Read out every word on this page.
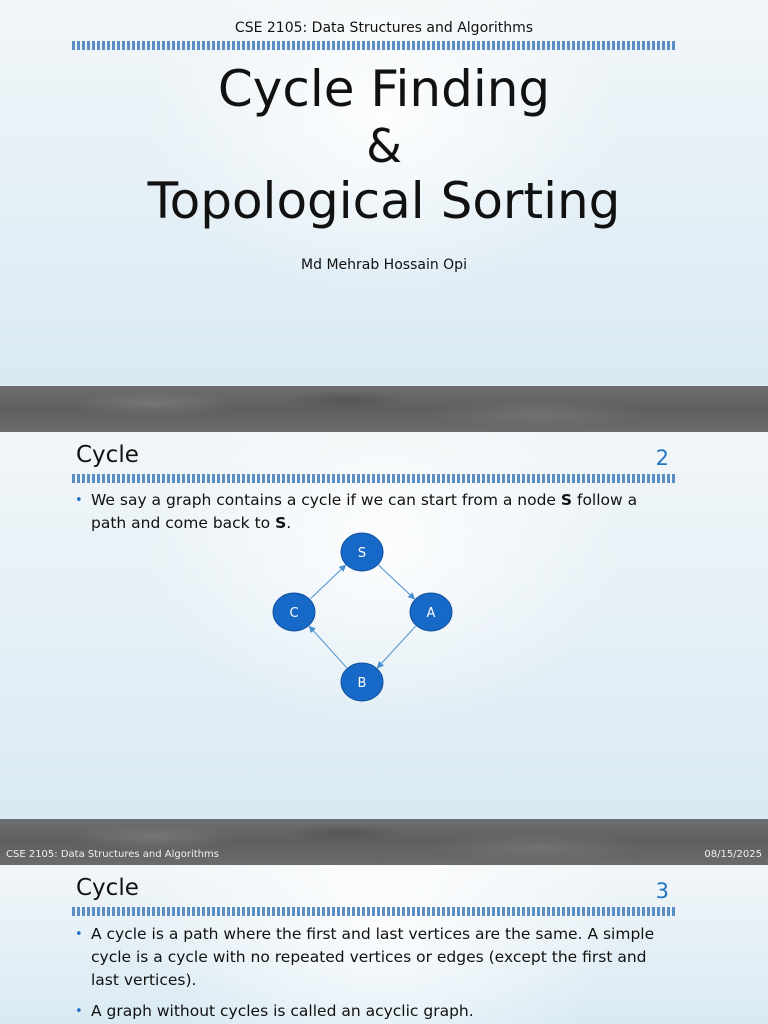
CSE 2105: Data Structures and Algorithms
Cycle Finding
&
Topological Sorting
Md Mehrab Hossain Opi
Cycle	2
• We say a graph contains a cycle if we can start from a node S follow a path and come back to S.
S
A
B
C
CSE 2105: Data Structures and Algorithms	08/15/2025
Cycle	3
• A cycle is a path where the first and last vertices are the same. A simple cycle is a cycle with no repeated vertices or edges (except the first and last vertices).
• A graph without cycles is called an acyclic graph.
